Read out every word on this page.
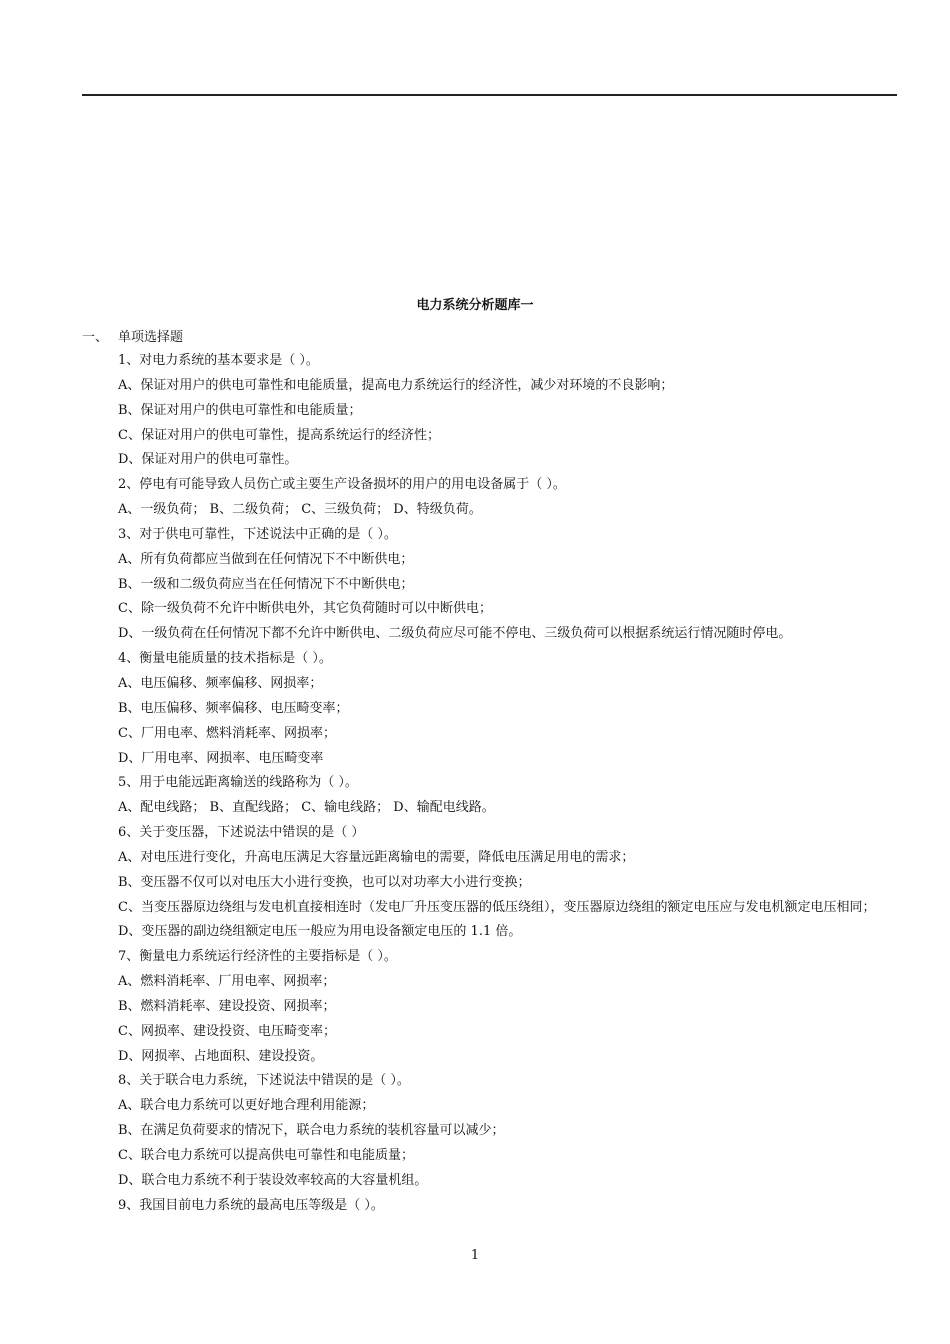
电力系统分析题库一
一、 单项选择题
1、对电力系统的基本要求是（ ）。
A、保证对用户的供电可靠性和电能质量，提高电力系统运行的经济性，减少对环境的不良影响；
B、保证对用户的供电可靠性和电能质量；
C、保证对用户的供电可靠性，提高系统运行的经济性；
D、保证对用户的供电可靠性。
2、停电有可能导致人员伤亡或主要生产设备损坏的用户的用电设备属于（ ）。
A、一级负荷； B、二级负荷； C、三级负荷； D、特级负荷。
3、对于供电可靠性，下述说法中正确的是（ ）。
A、所有负荷都应当做到在任何情况下不中断供电；
B、一级和二级负荷应当在任何情况下不中断供电；
C、除一级负荷不允许中断供电外，其它负荷随时可以中断供电；
D、一级负荷在任何情况下都不允许中断供电、二级负荷应尽可能不停电、三级负荷可以根据系统运行情况随时停电。
4、衡量电能质量的技术指标是（ ）。
A、电压偏移、频率偏移、网损率；
B、电压偏移、频率偏移、电压畸变率；
C、厂用电率、燃料消耗率、网损率；
D、厂用电率、网损率、电压畸变率
5、用于电能远距离输送的线路称为（ ）。
A、配电线路； B、直配线路； C、输电线路； D、输配电线路。
6、关于变压器，下述说法中错误的是（ ）
A、对电压进行变化，升高电压满足大容量远距离输电的需要，降低电压满足用电的需求；
B、变压器不仅可以对电压大小进行变换，也可以对功率大小进行变换；
C、当变压器原边绕组与发电机直接相连时（发电厂升压变压器的低压绕组），变压器原边绕组的额定电压应与发电机额定电压相同；
D、变压器的副边绕组额定电压一般应为用电设备额定电压的 1.1 倍。
7、衡量电力系统运行经济性的主要指标是（ ）。
A、燃料消耗率、厂用电率、网损率；
B、燃料消耗率、建设投资、网损率；
C、网损率、建设投资、电压畸变率；
D、网损率、占地面积、建设投资。
8、关于联合电力系统，下述说法中错误的是（ ）。
A、联合电力系统可以更好地合理利用能源；
B、在满足负荷要求的情况下，联合电力系统的装机容量可以减少；
C、联合电力系统可以提高供电可靠性和电能质量；
D、联合电力系统不利于装设效率较高的大容量机组。
9、我国目前电力系统的最高电压等级是（ ）。
1
